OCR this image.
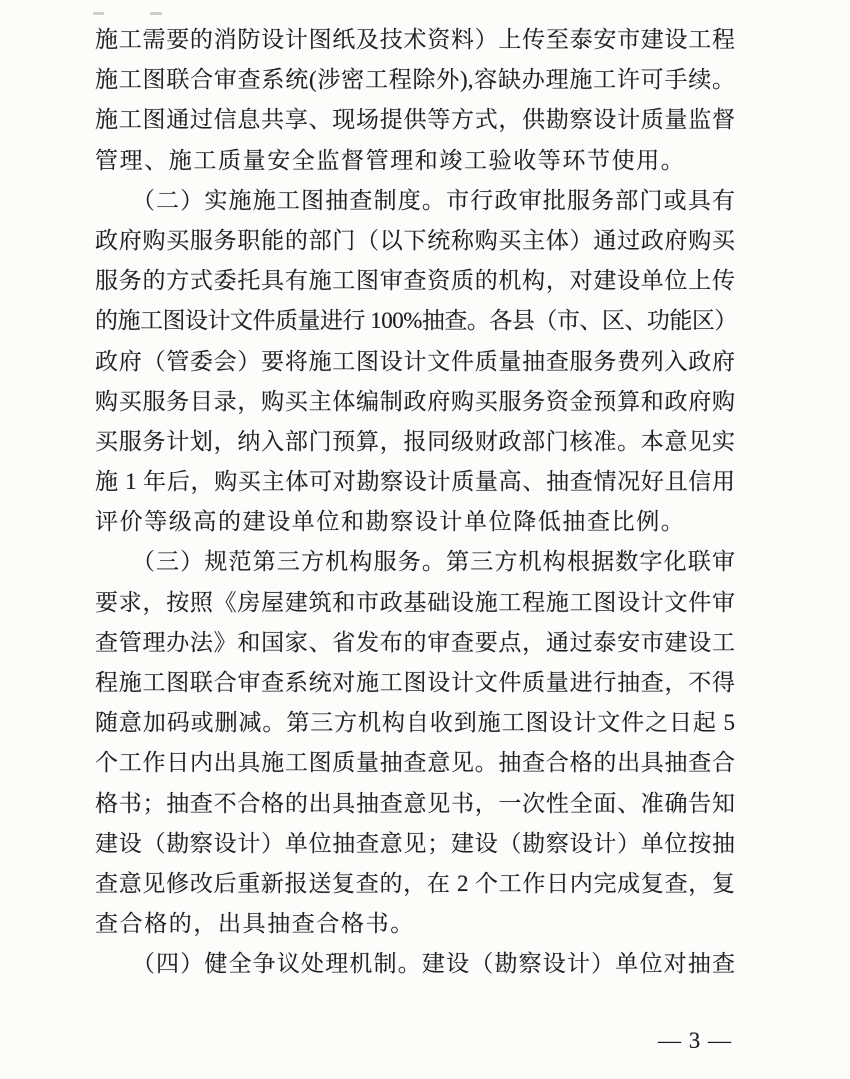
施工需要的消防设计图纸及技术资料）上传至泰安市建设工程
施工图联合审查系统(涉密工程除外),容缺办理施工许可手续。
施工图通过信息共享、现场提供等方式，供勘察设计质量监督
管理、施工质量安全监督管理和竣工验收等环节使用。
　　（二）实施施工图抽查制度。市行政审批服务部门或具有
政府购买服务职能的部门（以下统称购买主体）通过政府购买
服务的方式委托具有施工图审查资质的机构，对建设单位上传
的施工图设计文件质量进行 100%抽查。各县（市、区、功能区）
政府（管委会）要将施工图设计文件质量抽查服务费列入政府
购买服务目录，购买主体编制政府购买服务资金预算和政府购
买服务计划，纳入部门预算，报同级财政部门核准。本意见实
施 1 年后，购买主体可对勘察设计质量高、抽查情况好且信用
评价等级高的建设单位和勘察设计单位降低抽查比例。
　　（三）规范第三方机构服务。第三方机构根据数字化联审
要求，按照《房屋建筑和市政基础设施工程施工图设计文件审
查管理办法》和国家、省发布的审查要点，通过泰安市建设工
程施工图联合审查系统对施工图设计文件质量进行抽查，不得
随意加码或删减。第三方机构自收到施工图设计文件之日起 5
个工作日内出具施工图质量抽查意见。抽查合格的出具抽查合
格书；抽查不合格的出具抽查意见书，一次性全面、准确告知
建设（勘察设计）单位抽查意见；建设（勘察设计）单位按抽
查意见修改后重新报送复查的，在 2 个工作日内完成复查，复
查合格的，出具抽查合格书。
　　（四）健全争议处理机制。建设（勘察设计）单位对抽查
— 3 —
